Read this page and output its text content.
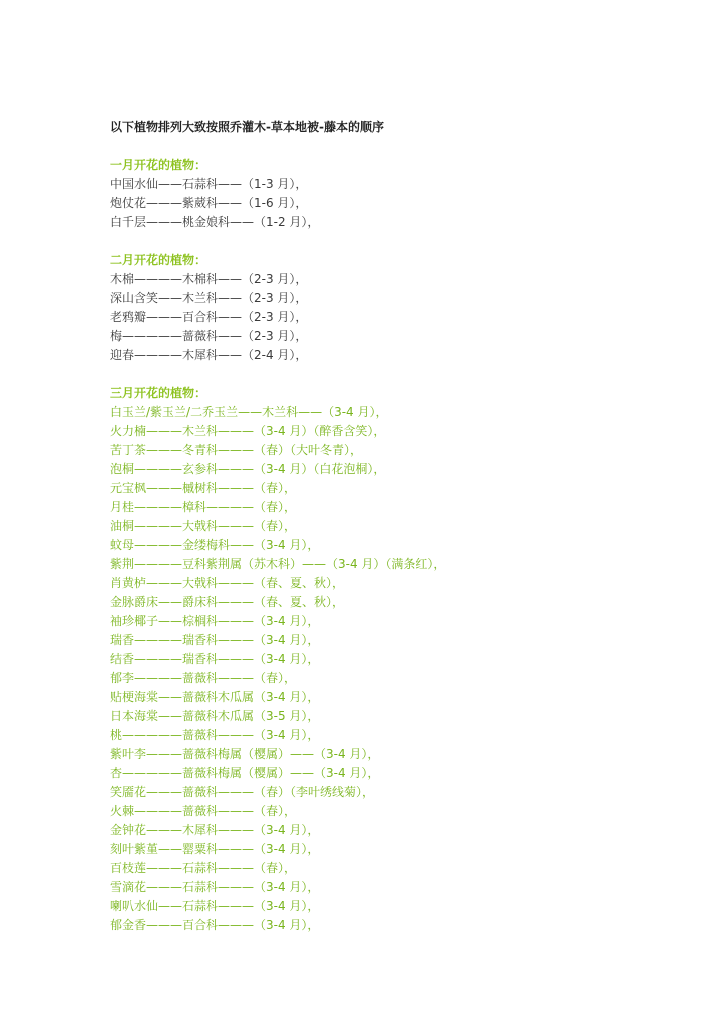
以下植物排列大致按照乔灌木-草本地被-藤本的顺序
一月开花的植物：
中国水仙——石蒜科——（1-3 月），
炮仗花———紫葳科——（1-6 月），
白千层———桃金娘科——（1-2 月），
二月开花的植物：
木棉————木棉科——（2-3 月），
深山含笑——木兰科——（2-3 月），
老鸦瓣———百合科——（2-3 月），
梅—————蔷薇科——（2-3 月），
迎春————木犀科——（2-4 月），
三月开花的植物：
白玉兰/紫玉兰/二乔玉兰——木兰科——（3-4 月），
火力楠———木兰科———（3-4 月）（醉香含笑），
苦丁茶———冬青科———（春）（大叶冬青），
泡桐————玄参科———（3-4 月）（白花泡桐），
元宝枫———槭树科———（春），
月桂————樟科————（春），
油桐————大戟科———（春），
蚊母————金缕梅科——（3-4 月），
紫荆————豆科紫荆属（苏木科）——（3-4 月）（满条红），
肖黄栌———大戟科———（春、夏、秋），
金脉爵床——爵床科———（春、夏、秋），
袖珍椰子——棕榈科———（3-4 月），
瑞香————瑞香科———（3-4 月），
结香————瑞香科———（3-4 月），
郁李————蔷薇科———（春），
贴梗海棠——蔷薇科木瓜属（3-4 月），
日本海棠——蔷薇科木瓜属（3-5 月），
桃—————蔷薇科———（3-4 月），
紫叶李———蔷薇科梅属（樱属）——（3-4 月），
杏—————蔷薇科梅属（樱属）——（3-4 月），
笑靥花———蔷薇科———（春）（李叶绣线菊），
火棘————蔷薇科———（春），
金钟花———木犀科———（3-4 月），
刻叶紫堇——罂粟科———（3-4 月），
百枝莲———石蒜科———（春），
雪滴花———石蒜科———（3-4 月），
喇叭水仙——石蒜科———（3-4 月），
郁金香———百合科———（3-4 月），
